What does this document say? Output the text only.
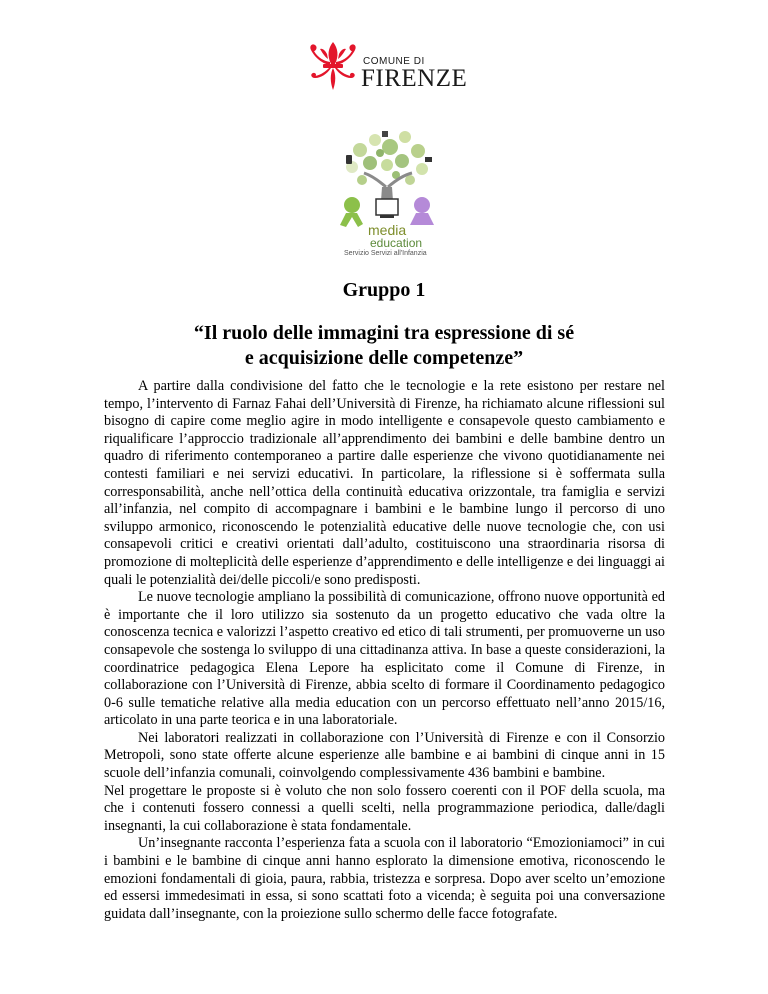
COMUNE DI
FIRENZE
media
education
Servizio Servizi all'Infanzia
Gruppo 1
“Il ruolo delle immagini tra espressione di sé
e acquisizione delle competenze”

A partire dalla condivisione del fatto che le tecnologie e la rete esistono per restare nel tempo, l’intervento di Farnaz Fahai dell’Università di Firenze, ha richiamato alcune riflessioni sul bisogno di capire come meglio agire in modo intelligente e consapevole questo cambiamento e riqualificare l’approccio tradizionale all’apprendimento dei bambini e delle bambine dentro un quadro di riferimento contemporaneo a partire dalle esperienze che vivono quotidianamente nei contesti familiari e nei servizi educativi. In particolare, la riflessione si è soffermata sulla corresponsabilità, anche nell’ottica della continuità educativa orizzontale, tra famiglia e servizi all’infanzia, nel compito di accompagnare i bambini e le bambine lungo il percorso di uno sviluppo armonico, riconoscendo le potenzialità educative delle nuove tecnologie che, con usi consapevoli critici e creativi orientati dall’adulto, costituiscono una straordinaria risorsa di promozione di molteplicità delle esperienze d’apprendimento e delle intelligenze e dei linguaggi ai quali le potenzialità dei/delle piccoli/e sono predisposti.

Le nuove tecnologie ampliano la possibilità di comunicazione, offrono nuove opportunità ed è importante che il loro utilizzo sia sostenuto da un progetto educativo che vada oltre la conoscenza tecnica e valorizzi l’aspetto creativo ed etico di tali strumenti, per promuoverne un uso consapevole che sostenga lo sviluppo di una cittadinanza attiva. In base a queste considerazioni, la coordinatrice pedagogica Elena Lepore ha esplicitato come il Comune di Firenze, in collaborazione con l’Università di Firenze, abbia scelto di formare il Coordinamento pedagogico 0-6 sulle tematiche relative alla media education con un percorso effettuato nell’anno 2015/16, articolato in una parte teorica e in una laboratoriale.

Nei laboratori realizzati in collaborazione con l’Università di Firenze e con il Consorzio Metropoli, sono state offerte alcune esperienze alle bambine e ai bambini di cinque anni in 15 scuole dell’infanzia comunali, coinvolgendo complessivamente 436 bambini e bambine.

Nel progettare le proposte si è voluto che non solo fossero coerenti con il POF della scuola, ma che i contenuti fossero connessi a quelli scelti, nella programmazione periodica, dalle/dagli insegnanti, la cui collaborazione è stata fondamentale.

Un’insegnante racconta l’esperienza fata a scuola con il laboratorio “Emozioniamoci” in cui i bambini e le bambine di cinque anni hanno esplorato la dimensione emotiva, riconoscendo le emozioni fondamentali di gioia, paura, rabbia, tristezza e sorpresa. Dopo aver scelto un’emozione ed essersi immedesimati in essa, si sono scattati foto a vicenda; è seguita poi una conversazione guidata dall’insegnante, con la proiezione sullo schermo delle facce fotografate.
